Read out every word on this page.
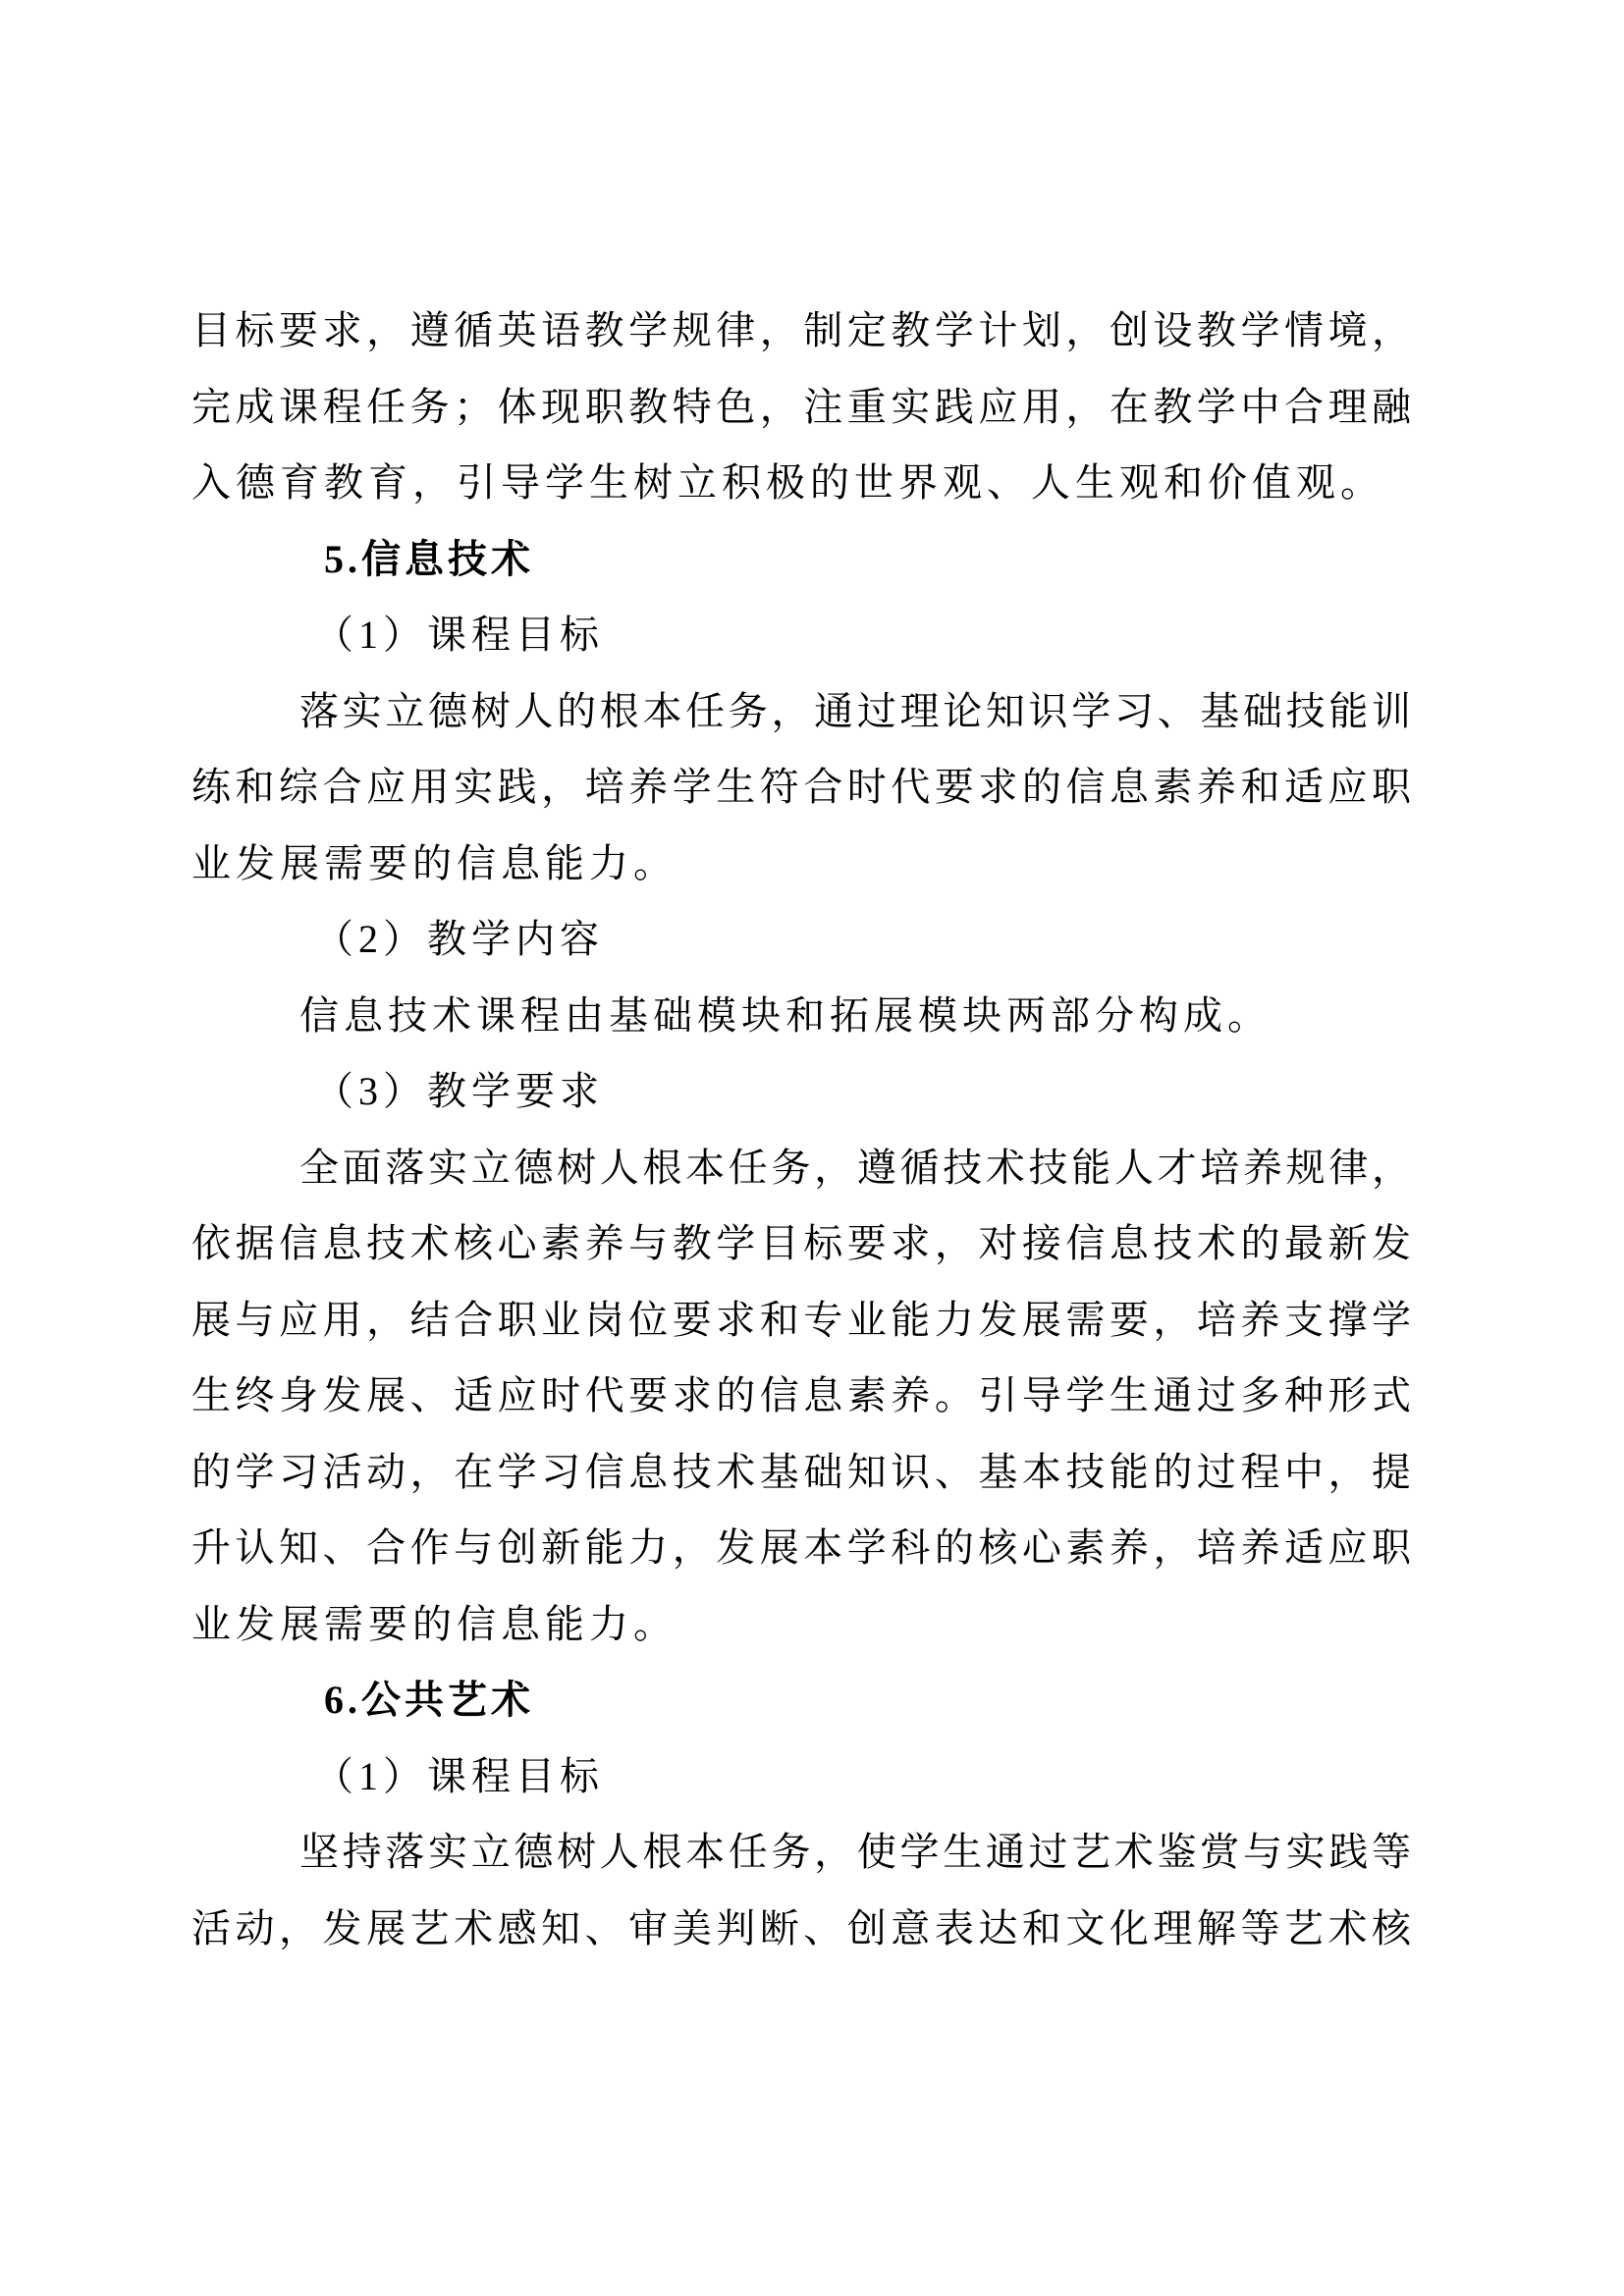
目标要求，遵循英语教学规律，制定教学计划，创设教学情境，
完成课程任务；体现职教特色，注重实践应用，在教学中合理融
入德育教育，引导学生树立积极的世界观、人生观和价值观。
5.信息技术
（1）课程目标
落实立德树人的根本任务，通过理论知识学习、基础技能训
练和综合应用实践，培养学生符合时代要求的信息素养和适应职
业发展需要的信息能力。
（2）教学内容
信息技术课程由基础模块和拓展模块两部分构成。
（3）教学要求
全面落实立德树人根本任务，遵循技术技能人才培养规律，
依据信息技术核心素养与教学目标要求，对接信息技术的最新发
展与应用，结合职业岗位要求和专业能力发展需要，培养支撑学
生终身发展、适应时代要求的信息素养。引导学生通过多种形式
的学习活动，在学习信息技术基础知识、基本技能的过程中，提
升认知、合作与创新能力，发展本学科的核心素养，培养适应职
业发展需要的信息能力。
6.公共艺术
（1）课程目标
坚持落实立德树人根本任务，使学生通过艺术鉴赏与实践等
活动，发展艺术感知、审美判断、创意表达和文化理解等艺术核
